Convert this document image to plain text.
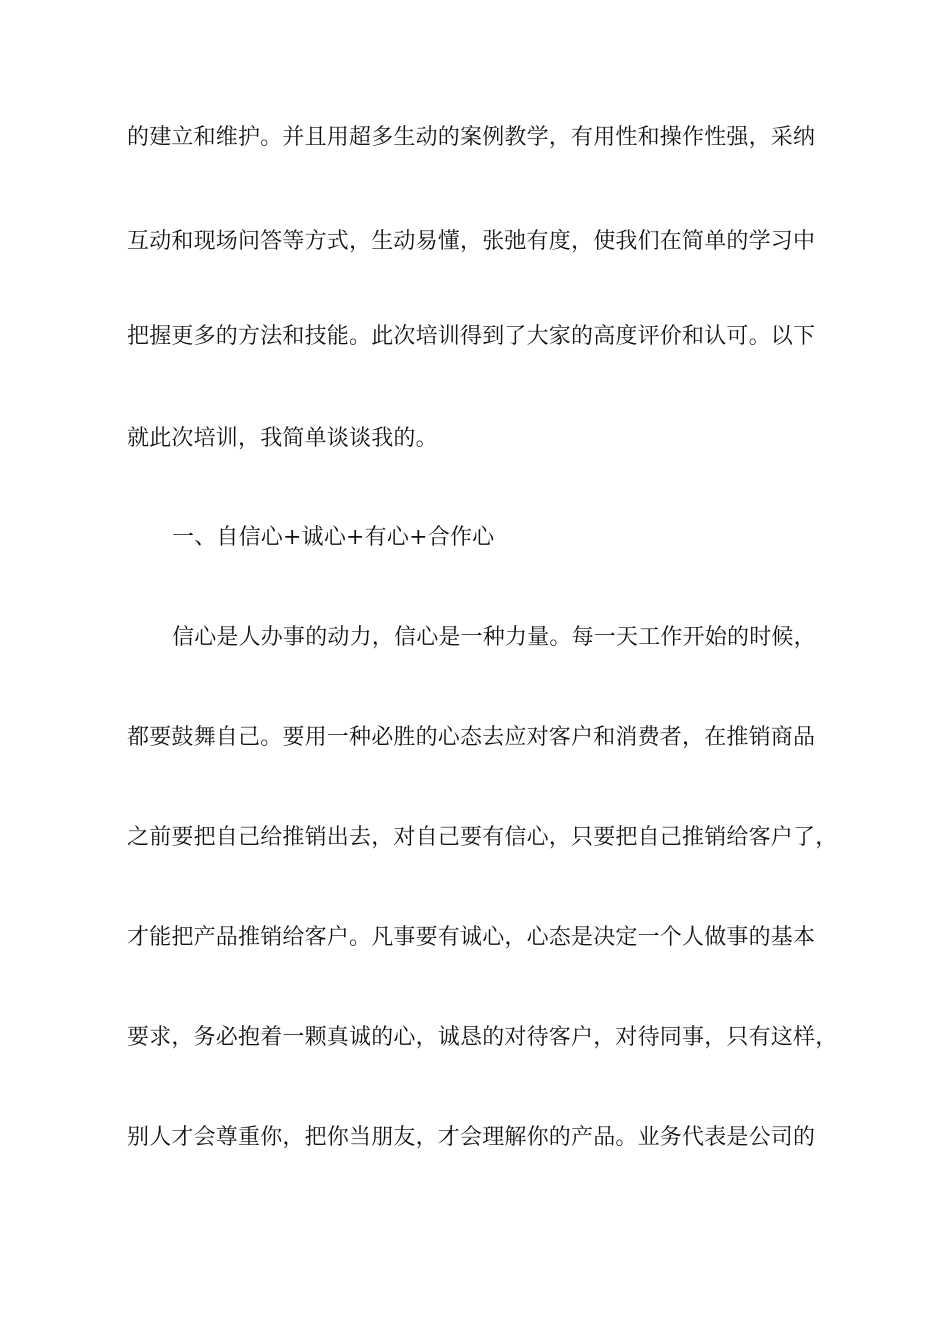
的建立和维护。并且用超多生动的案例教学，有用性和操作性强，采纳
互动和现场问答等方式，生动易懂，张弛有度，使我们在简单的学习中
把握更多的方法和技能。此次培训得到了大家的高度评价和认可。以下
就此次培训，我简单谈谈我的。
一、自信心+诚心+有心+合作心
信心是人办事的动力，信心是一种力量。每一天工作开始的时候，
都要鼓舞自己。要用一种必胜的心态去应对客户和消费者，在推销商品
之前要把自己给推销出去，对自己要有信心，只要把自己推销给客户了，
才能把产品推销给客户。凡事要有诚心，心态是决定一个人做事的基本
要求，务必抱着一颗真诚的心，诚恳的对待客户，对待同事，只有这样，
别人才会尊重你，把你当朋友，才会理解你的产品。业务代表是公司的
